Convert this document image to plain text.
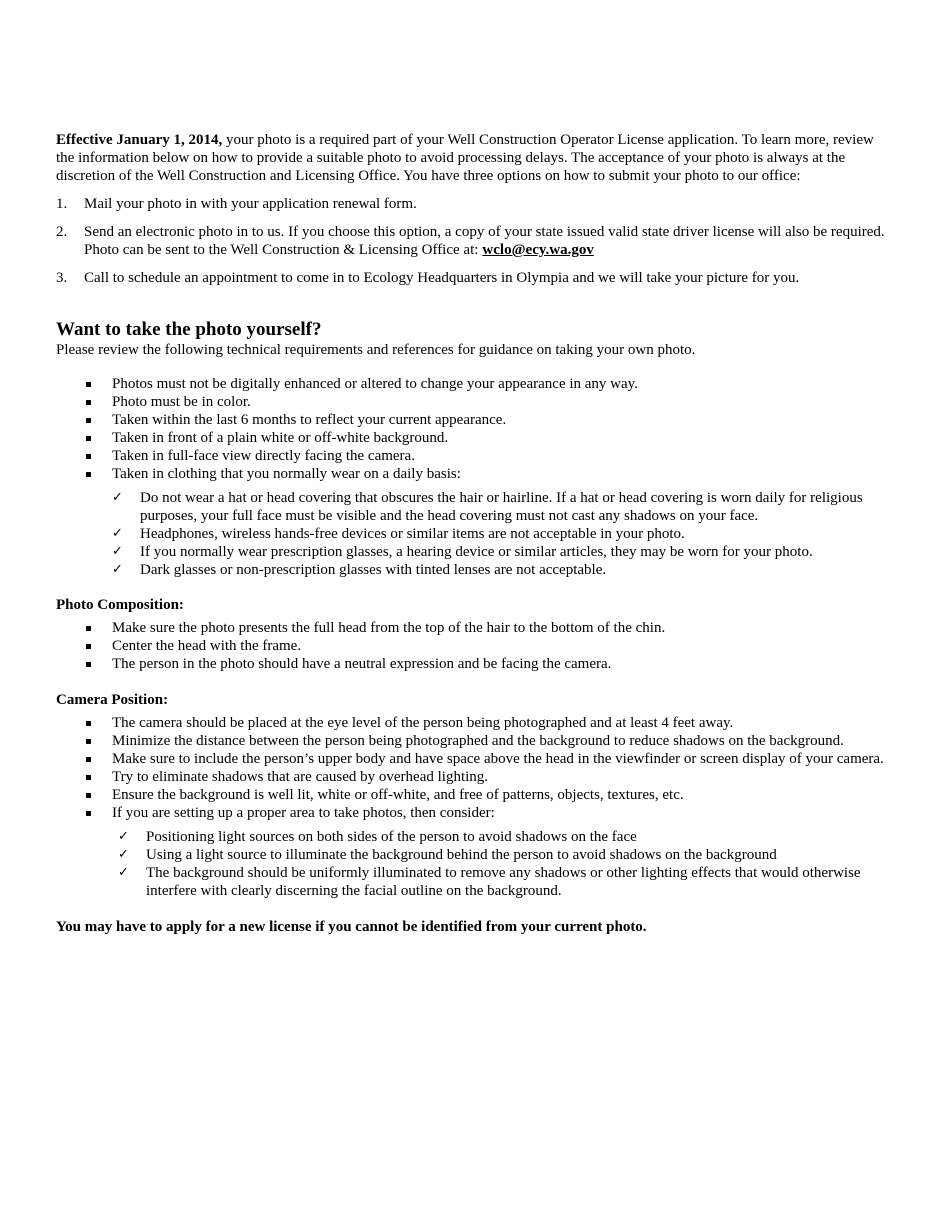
Effective January 1, 2014, your photo is a required part of your Well Construction Operator License application. To learn more, review the information below on how to provide a suitable photo to avoid processing delays. The acceptance of your photo is always at the discretion of the Well Construction and Licensing Office. You have three options on how to submit your photo to our office:

1. Mail your photo in with your application renewal form.
2. Send an electronic photo in to us. If you choose this option, a copy of your state issued valid state driver license will also be required. Photo can be sent to the Well Construction & Licensing Office at: wclo@ecy.wa.gov
3. Call to schedule an appointment to come in to Ecology Headquarters in Olympia and we will take your picture for you.
Want to take the photo yourself?

Please review the following technical requirements and references for guidance on taking your own photo.

Photos must not be digitally enhanced or altered to change your appearance in any way.
Photo must be in color.
Taken within the last 6 months to reflect your current appearance.
Taken in front of a plain white or off-white background.
Taken in full-face view directly facing the camera.
Taken in clothing that you normally wear on a daily basis:
✓ Do not wear a hat or head covering that obscures the hair or hairline. If a hat or head covering is worn daily for religious purposes, your full face must be visible and the head covering must not cast any shadows on your face.
✓ Headphones, wireless hands-free devices or similar items are not acceptable in your photo.
✓ If you normally wear prescription glasses, a hearing device or similar articles, they may be worn for your photo.
✓ Dark glasses or non-prescription glasses with tinted lenses are not acceptable.

Photo Composition:

Make sure the photo presents the full head from the top of the hair to the bottom of the chin.
Center the head with the frame.
The person in the photo should have a neutral expression and be facing the camera.

Camera Position:

The camera should be placed at the eye level of the person being photographed and at least 4 feet away.
Minimize the distance between the person being photographed and the background to reduce shadows on the background.
Make sure to include the person’s upper body and have space above the head in the viewfinder or screen display of your camera.
Try to eliminate shadows that are caused by overhead lighting.
Ensure the background is well lit, white or off-white, and free of patterns, objects, textures, etc.
If you are setting up a proper area to take photos, then consider:
✓ Positioning light sources on both sides of the person to avoid shadows on the face
✓ Using a light source to illuminate the background behind the person to avoid shadows on the background
✓ The background should be uniformly illuminated to remove any shadows or other lighting effects that would otherwise interfere with clearly discerning the facial outline on the background.

You may have to apply for a new license if you cannot be identified from your current photo.
